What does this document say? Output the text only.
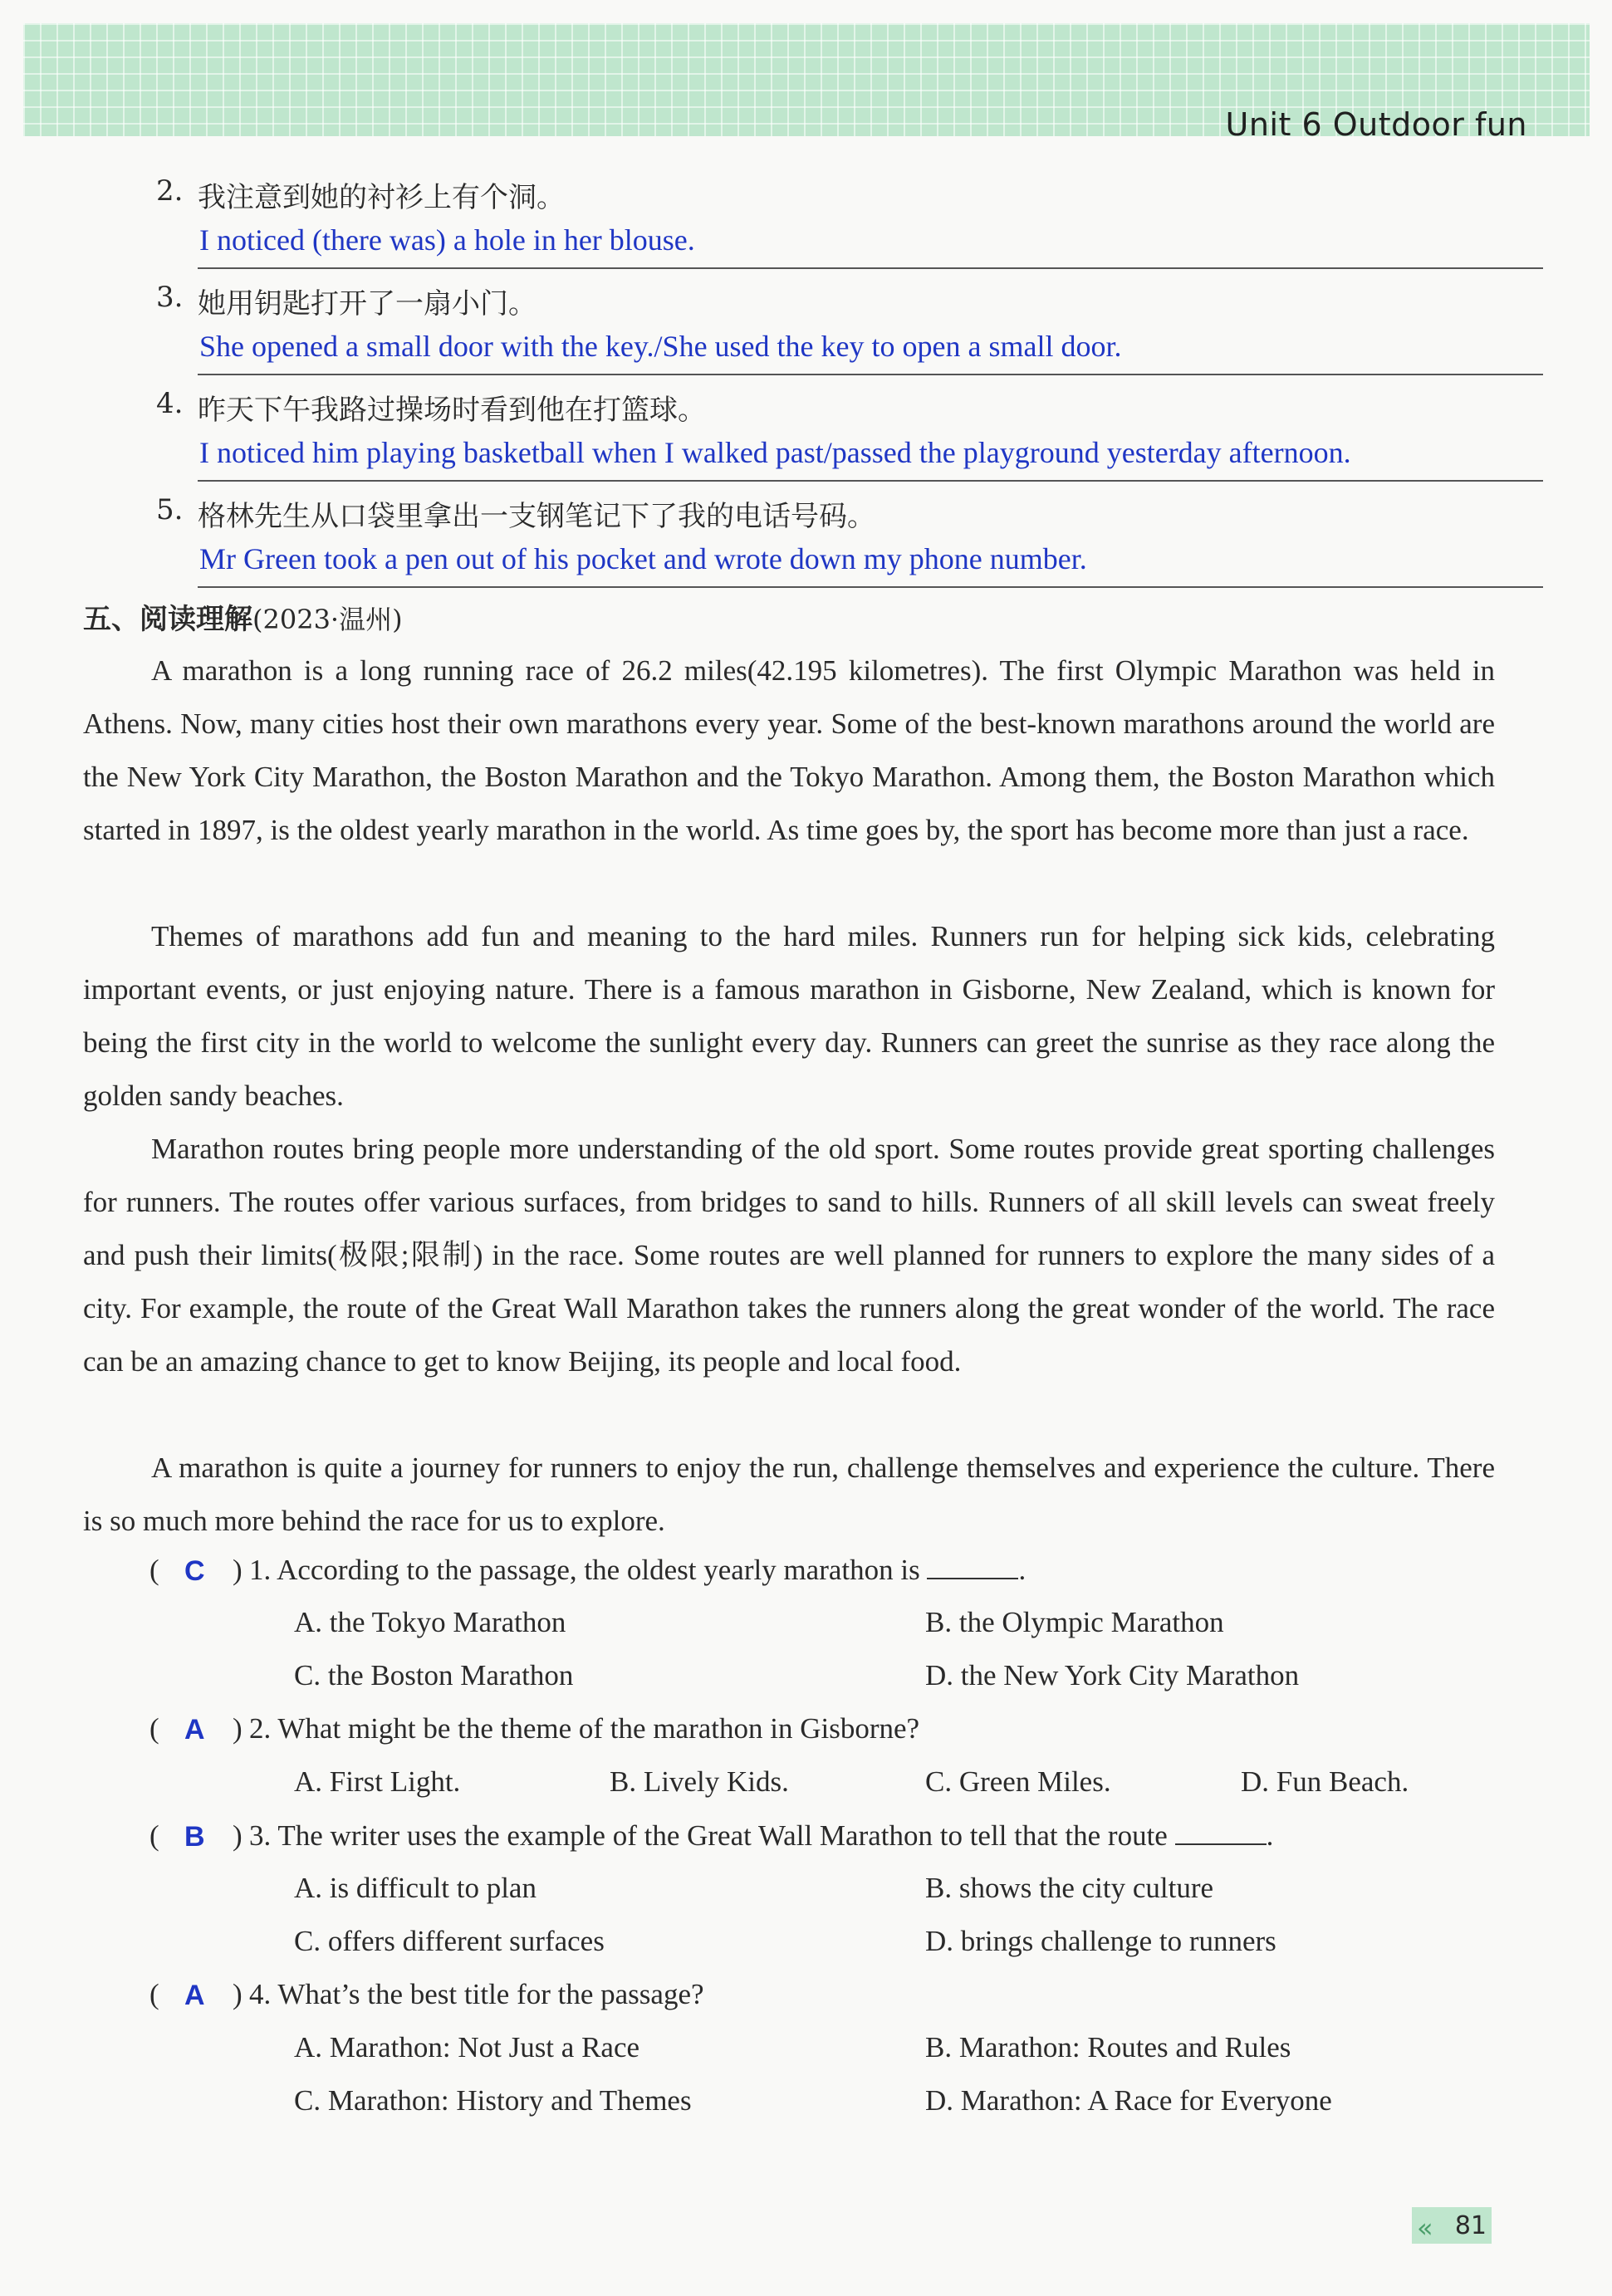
Unit 6 Outdoor fun
2. 我注意到她的衬衫上有个洞。
I noticed (there was) a hole in her blouse.
3. 她用钥匙打开了一扇小门。
She opened a small door with the key./She used the key to open a small door.
4. 昨天下午我路过操场时看到他在打篮球。
I noticed him playing basketball when I walked past/passed the playground yesterday afternoon.
5. 格林先生从口袋里拿出一支钢笔记下了我的电话号码。
Mr Green took a pen out of his pocket and wrote down my phone number.
五、阅读理解(2023·温州)
A marathon is a long running race of 26.2 miles(42.195 kilometres). The first Olympic Marathon was held in Athens. Now, many cities host their own marathons every year. Some of the best-known marathons around the world are the New York City Marathon, the Boston Marathon and the Tokyo Marathon. Among them, the Boston Marathon which started in 1897, is the oldest yearly marathon in the world. As time goes by, the sport has become more than just a race.
Themes of marathons add fun and meaning to the hard miles. Runners run for helping sick kids, celebrating important events, or just enjoying nature. There is a famous marathon in Gisborne, New Zealand, which is known for being the first city in the world to welcome the sunlight every day. Runners can greet the sunrise as they race along the golden sandy beaches.
Marathon routes bring people more understanding of the old sport. Some routes provide great sporting challenges for runners. The routes offer various surfaces, from bridges to sand to hills. Runners of all skill levels can sweat freely and push their limits(极限;限制) in the race. Some routes are well planned for runners to explore the many sides of a city. For example, the route of the Great Wall Marathon takes the runners along the great wonder of the world. The race can be an amazing chance to get to know Beijing, its people and local food.
A marathon is quite a journey for runners to enjoy the run, challenge themselves and experience the culture. There is so much more behind the race for us to explore.
( C ) 1. According to the passage, the oldest yearly marathon is	.
A. the Tokyo Marathon	B. the Olympic Marathon
C. the Boston Marathon	D. the New York City Marathon
( A ) 2. What might be the theme of the marathon in Gisborne?
A. First Light.	B. Lively Kids.	C. Green Miles.	D. Fun Beach.
( B ) 3. The writer uses the example of the Great Wall Marathon to tell that the route	.
A. is difficult to plan	B. shows the city culture
C. offers different surfaces	D. brings challenge to runners
( A ) 4. What’s the best title for the passage?
A. Marathon: Not Just a Race	B. Marathon: Routes and Rules
C. Marathon: History and Themes	D. Marathon: A Race for Everyone
81
«
